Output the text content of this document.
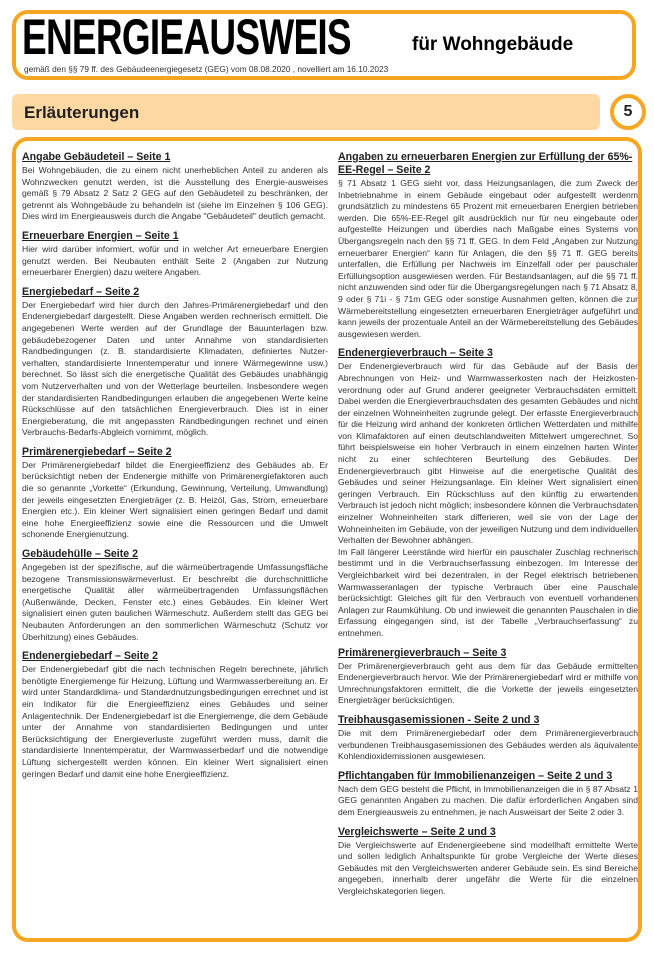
ENERGIEAUSWEIS	für Wohngebäude
gemäß den §§ 79 ff. des Gebäudeenergiegesetz (GEG) vom 08.08.2020 , novelliert am 16.10.2023
Erläuterungen	5
Angabe Gebäudeteil – Seite 1

Bei Wohngebäuden, die zu einem nicht unerheblichen Anteil zu anderen als Wohnzwecken genutzt werden, ist die Ausstellung des Energie-ausweises gemäß § 79 Absatz 2 Satz 2 GEG auf den Gebäudeteil zu beschränken, der getrennt als Wohngebäude zu behandeln ist (siehe im Einzelnen § 106 GEG). Dies wird im Energieausweis durch die Angabe "Gebäudeteil" deutlich gemacht.

Erneuerbare Energien – Seite 1

Hier wird darüber informiert, wofür und in welcher Art erneuerbare Energien genutzt werden. Bei Neubauten enthält Seite 2 (Angaben zur Nutzung erneuerbarer Energien) dazu weitere Angaben.

Energiebedarf – Seite 2

Der Energiebedarf wird hier durch den Jahres-Primärenergiebedarf und den Endenergiebedarf dargestellt. Diese Angaben werden rechnerisch ermittelt. Die angegebenen Werte werden auf der Grundlage der Bauunterlagen bzw. gebäudebezogener Daten und unter Annahme von standardisierten Randbedingungen (z. B. standardisierte Klimadaten, definiertes Nutzer-verhalten, standardisierte Innentemperatur und innere Wärmegewinne usw.) berechnet. So lässt sich die energetische Qualität des Gebäudes unabhängig vom Nutzerverhalten und von der Wetterlage beurteilen. Insbesondere wegen der standardisierten Randbedingungen erlauben die angegebenen Werte keine Rückschlüsse auf den tatsächlichen Energieverbrauch. Dies ist in einer Energieberatung, die mit angepassten Randbedingungen rechnet und einen Verbrauchs-Bedarfs-Abgleich vornimmt, möglich.

Primärenergiebedarf – Seite 2

Der Primärenergiebedarf bildet die Energieeffizienz des Gebäudes ab. Er berücksichtigt neben der Endenergie mithilfe von Primärenergiefaktoren auch die so genannte „Vorkette“ (Erkundung, Gewinnung, Verteilung, Umwandlung) der jeweils eingesetzten Energieträger (z. B. Heizöl, Gas, Strom, erneuerbare Energien etc.). Ein kleiner Wert signalisiert einen geringen Bedarf und damit eine hohe Energieeffizienz sowie eine die Ressourcen und die Umwelt schonende Energienutzung.

Gebäudehülle – Seite 2

Angegeben ist der spezifische, auf die wärmeübertragende Umfassungsfläche bezogene Transmissionswärmeverlust. Er beschreibt die durchschnittliche energetische Qualität aller wärmeübertragenden Umfassungsflächen (Außenwände, Decken, Fenster etc.) eines Gebäudes. Ein kleiner Wert signalisiert einen guten baulichen Wärmeschutz. Außerdem stellt das GEG bei Neubauten Anforderungen an den sommerlichen Wärmeschutz (Schutz vor Überhitzung) eines Gebäudes.

Endenergiebedarf – Seite 2

Der Endenergiebedarf gibt die nach technischen Regeln berechnete, jährlich benötigte Energiemenge für Heizung, Lüftung und Warmwasserbereitung an. Er wird unter Standardklima- und Standardnutzungsbedingungen errechnet und ist ein Indikator für die Energieeffizienz eines Gebäudes und seiner Anlagentechnik. Der Endenergiebedarf ist die Energiemenge, die dem Gebäude unter der Annahme von standardisierten Bedingungen und unter Berücksichtigung der Energieverluste zugeführt werden muss, damit die standardisierte Innentemperatur, der Warmwasserbedarf und die notwendige Lüftung sichergestellt werden können. Ein kleiner Wert signalisiert einen geringen Bedarf und damit eine hohe Energieeffizienz.

Angaben zu erneuerbaren Energien zur Erfüllung der 65%-EE-Regel – Seite 2

§ 71 Absatz 1 GEG sieht vor, dass Heizungsanlagen, die zum Zweck der Inbetriebnahme in einem Gebäude eingebaut oder aufgestellt werdenm grundsätzlich zu mindestens 65 Prozent mit erneuerbaren Energien betrieben werden. Die 65%-EE-Regel gilt ausdrücklich nur für neu eingebaute oder aufgestellte Heizungen und überdies nach Maßgabe eines Systems von Übergangsregeln nach den §§ 71 ff. GEG. In dem Feld „Angaben zur Nutzung erneuerbarer Energien“ kann für Anlagen, die den §§ 71 ff. GEG bereits unterfallen, die Erfüllung per Nachweis im Einzelfall oder per pauschaler Erfüllungsoption ausgewiesen werden. Für Bestandsanlagen, auf die §§ 71 ff. nicht anzuwenden sind oder für die Übergangsregelungen nach § 71 Absatz 8, 9 oder § 71i - § 71m GEG oder sonstige Ausnahmen gelten, können die zur Wärmebereitstellung eingesetzten erneuerbaren Energieträger aufgeführt und kann jeweils der prozentuale Anteil an der Wärmebereitstellung des Gebäudes ausgewiesen werden.

Endenergieverbrauch – Seite 3

Der Endenergieverbrauch wird für das Gebäude auf der Basis der Abrechnungen von Heiz- und Warmwasserkosten nach der Heizkosten-verordnung oder auf Grund anderer geeigneter Verbrauchsdaten ermittelt. Dabei werden die Energieverbrauchsdaten des gesamten Gebäudes und nicht der einzelnen Wohneinheiten zugrunde gelegt. Der erfasste Energieverbrauch für die Heizung wird anhand der konkreten örtlichen Wetterdaten und mithilfe von Klimafaktoren auf einen deutschlandweiten Mittelwert umgerechnet. So führt beispielsweise ein hoher Verbrauch in einem einzelnen harten Winter nicht zu einer schlechteren Beurteilung des Gebäudes. Der Endenergieverbrauch gibt Hinweise auf die energetische Qualität des Gebäudes und seiner Heizungsanlage. Ein kleiner Wert signalisiert einen geringen Verbrauch. Ein Rückschluss auf den künftig zu erwartenden Verbrauch ist jedoch nicht möglich; insbesondere können die Verbrauchsdaten einzelner Wohneinheiten stark differieren, weil sie von der Lage der Wohneinheiten im Gebäude, von der jeweiligen Nutzung und dem individuellen Verhalten der Bewohner abhängen.

Im Fall längerer Leerstände wird hierfür ein pauschaler Zuschlag rechnerisch bestimmt und in die Verbrauchserfassung einbezogen. Im Interesse der Vergleichbarkeit wird bei dezentralen, in der Regel elektrisch betriebenen Warmwasseranlagen der typische Verbrauch über eine Pauschale berücksichtigt: Gleiches gilt für den Verbrauch von eventuell vorhandenen Anlagen zur Raumkühlung. Ob und inwieweit die genannten Pauschalen in die Erfassung eingegangen sind, ist der Tabelle „Verbrauchserfassung“ zu entnehmen.

Primärenergieverbrauch – Seite 3

Der Primärenergieverbrauch geht aus dem für das Gebäude ermittelten Endenergieverbrauch hervor. Wie der Primärenergiebedarf wird er mithilfe von Umrechnungsfaktoren ermittelt, die die Vorkette der jeweils eingesetzten Energieträger berücksichtigen.

Treibhausgasemissionen - Seite 2 und 3

Die mit dem Primärenergiebedarf oder dem Primärenergieverbrauch verbundenen Treibhausgasemissionen des Gebäudes werden als äquivalente Kohlendioxidemissionen ausgewiesen.

Pflichtangaben für Immobilienanzeigen – Seite 2 und 3

Nach dem GEG besteht die Pflicht, in Immobilienanzeigen die in § 87 Absatz 1 GEG genannten Angaben zu machen. Die dafür erforderlichen Angaben sind dem Energieausweis zu entnehmen, je nach Ausweisart der Seite 2 oder 3.

Vergleichswerte – Seite 2 und 3

Die Vergleichswerte auf Endenergieebene sind modellhaft ermittelte Werte und sollen lediglich Anhaltspunkte für grobe Vergleiche der Werte dieses Gebäudes mit den Vergleichswerten anderer Gebäude sein. Es sind Bereiche angegeben, innerhalb derer ungefähr die Werte für die einzelnen Vergleichskategorien liegen.
